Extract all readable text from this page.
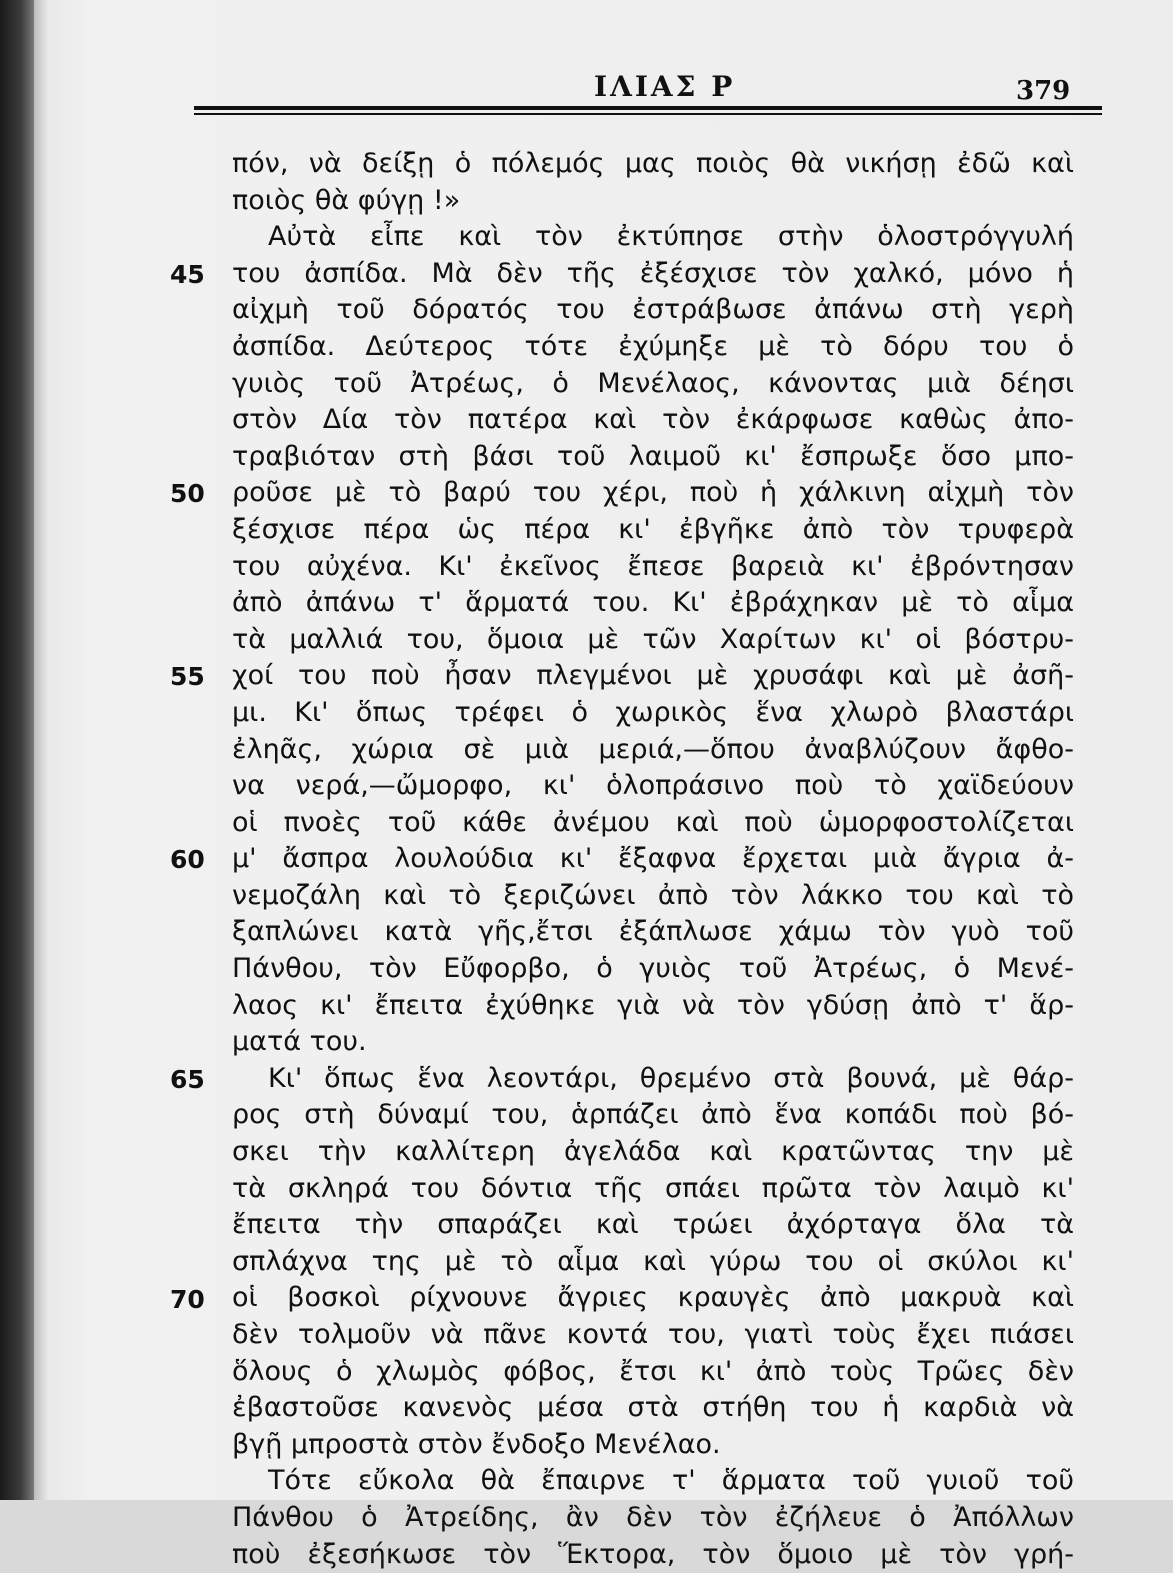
ΙΛΙΑΣ Ρ	379
πόν, νὰ δείξῃ ὁ πόλεμός μας ποιὸς θὰ νικήσῃ ἐδῶ καὶ
ποιὸς θὰ φύγῃ !»
Αὐτὰ εἶπε καὶ τὸν ἐκτύπησε στὴν ὁλοστρόγγυλή
του ἀσπίδα. Μὰ δὲν τῆς ἐξέσχισε τὸν χαλκό, μόνο ἡ
αἰχμὴ τοῦ δόρατός του ἐστράβωσε ἀπάνω στὴ γερὴ
ἀσπίδα. Δεύτερος τότε ἐχύμηξε μὲ τὸ δόρυ του ὁ
γυιὸς τοῦ Ἀτρέως, ὁ Μενέλαος, κάνοντας μιὰ δέησι
στὸν Δία τὸν πατέρα καὶ τὸν ἐκάρφωσε καθὼς ἀπο-
τραβιόταν στὴ βάσι τοῦ λαιμοῦ κι' ἔσπρωξε ὅσο μπο-
ροῦσε μὲ τὸ βαρύ του χέρι, ποὺ ἡ χάλκινη αἰχμὴ τὸν
ξέσχισε πέρα ὡς πέρα κι' ἐβγῆκε ἀπὸ τὸν τρυφερὰ
του αὐχένα. Κι' ἐκεῖνος ἔπεσε βαρειὰ κι' ἐβρόντησαν
ἀπὸ ἀπάνω τ' ἅρματά του. Κι' ἐβράχηκαν μὲ τὸ αἷμα
τὰ μαλλιά του, ὅμοια μὲ τῶν Χαρίτων κι' οἱ βόστρυ-
χοί του ποὺ ἦσαν πλεγμένοι μὲ χρυσάφι καὶ μὲ ἀσῆ-
μι. Κι' ὅπως τρέφει ὁ χωρικὸς ἕνα χλωρὸ βλαστάρι
ἐληᾶς, χώρια σὲ μιὰ μεριά,—ὅπου ἀναβλύζουν ἄφθο-
να νερά,—ὤμορφο, κι' ὁλοπράσινο ποὺ τὸ χαϊδεύουν
οἱ πνοὲς τοῦ κάθε ἀνέμου καὶ ποὺ ὡμορφοστολίζεται
μ' ἄσπρα λουλούδια κι' ἔξαφνα ἔρχεται μιὰ ἄγρια ἀ-
νεμοζάλη καὶ τὸ ξεριζώνει ἀπὸ τὸν λάκκο του καὶ τὸ
ξαπλώνει κατὰ γῆς,ἔτσι ἐξάπλωσε χάμω τὸν γυὸ τοῦ
Πάνθου, τὸν Εὔφορβο, ὁ γυιὸς τοῦ Ἀτρέως, ὁ Μενέ-
λαος κι' ἔπειτα ἐχύθηκε γιὰ νὰ τὸν γδύσῃ ἀπὸ τ' ἅρ-
ματά του.
Κι' ὅπως ἕνα λεοντάρι, θρεμένο στὰ βουνά, μὲ θάρ-
ρος στὴ δύναμί του, ἁρπάζει ἀπὸ ἕνα κοπάδι ποὺ βό-
σκει τὴν καλλίτερη ἀγελάδα καὶ κρατῶντας την μὲ
τὰ σκληρά του δόντια τῆς σπάει πρῶτα τὸν λαιμὸ κι'
ἔπειτα τὴν σπαράζει καὶ τρώει ἀχόρταγα ὅλα τὰ
σπλάχνα της μὲ τὸ αἷμα καὶ γύρω του οἱ σκύλοι κι'
οἱ βοσκοὶ ρίχνουνε ἄγριες κραυγὲς ἀπὸ μακρυὰ καὶ
δὲν τολμοῦν νὰ πᾶνε κοντά του, γιατὶ τοὺς ἔχει πιάσει
ὅλους ὁ χλωμὸς φόβος, ἔτσι κι' ἀπὸ τοὺς Τρῶες δὲν
ἐβαστοῦσε κανενὸς μέσα στὰ στήθη του ἡ καρδιὰ νὰ
βγῇ μπροστὰ στὸν ἔνδοξο Μενέλαο.
Τότε εὔκολα θὰ ἔπαιρνε τ' ἅρματα τοῦ γυιοῦ τοῦ
Πάνθου ὁ Ἀτρείδης, ἂν δὲν τὸν ἐζήλευε ὁ Ἀπόλλων
ποὺ ἐξεσήκωσε τὸν Ἕκτορα, τὸν ὅμοιο μὲ τὸν γρή-
45
50
55
60
65
70
